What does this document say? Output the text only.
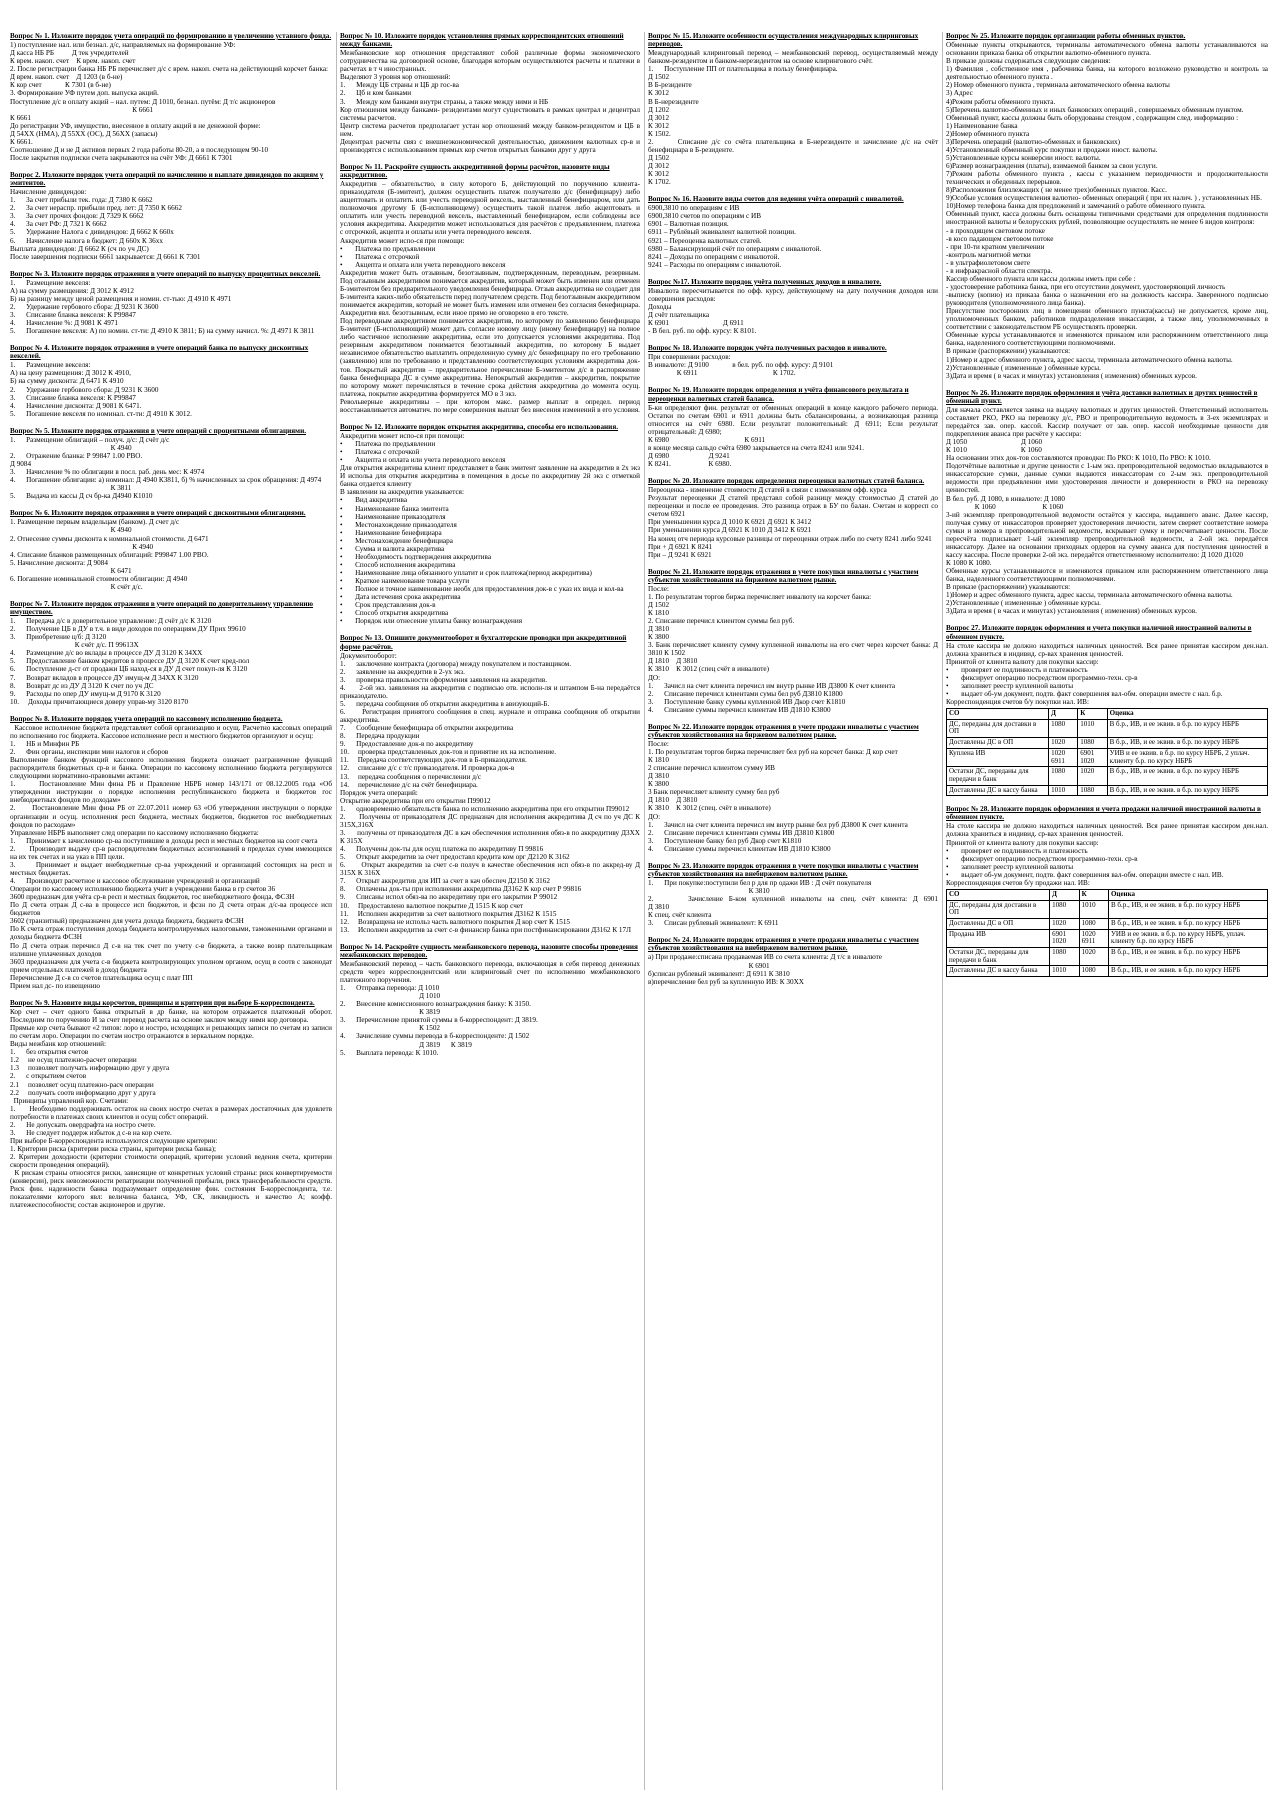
Вопрос № 1. Изложите порядок учета операций по формированию и увеличению уставного фонда.
1) поступление нал. или безнал. д/с, направляемых на формирование УФ:
Д касса НБ РБ          Д тек учредителей
К врем. накоп. счет    К врем. накоп. счет
2. После регистрации банка НБ РБ перечисляет д/с с врем. накоп. счета на действующий корсчет банка:
Д врем. накоп. счет    Д 1203 (в б-не)
К кор счет             К 7301 (в б-не)
3. Формирование УФ путем доп. выпуска акций.
Поступление д/с в оплату акций – нал. путем: Д 1010, безнал. путём: Д т/с акционеров
К 6661
К 6661
До регистрации УФ, имущество, внесенное в оплату акций в не денежной форме:
Д 54ХХ (НМА), Д 55ХХ (ОС), Д 56ХХ (запасы)
К 6661.
Соотношение Д и не Д активов первых 2 года работы 80-20, а в последующем 90-10
После закрытия подписки счета закрываются на счёт УФ: Д 6661 К 7301
Вопрос 2. Изложите порядок учета операций по начислению и выплате дивидендов по акциям у эмитентов.
Начисление дивидендов:
1.      За счет прибыли тек. года: Д 7380 К 6662
2.      За счет нераспр. прибыли пред. лет: Д 7350 К 6662
3.      За счет прочих фондов: Д 7329 К 6662
4.      За счет РФ: Д 7321 К 6662
5.      Удержание Налога с дивидендов: Д 6662 К 660х
6.      Начисление налога в бюджет: Д 660х К 36хх
Выплата дивидендов: Д 6662 К (сч по уч ДС)
После завершения подписки 6661 закрывается: Д 6661 К 7301
Вопрос № 3. Изложите порядок отражения в учете операций по выпуску процентных векселей.
1.      Размещение векселя:
А) на сумму размещения: Д 3012 К 4912
Б) на разницу между ценой размещения и номин. ст-тью: Д 4910 К 4971
2.      Удержание гербового сбора: Д 9231 К 3600
3.      Списание бланка векселя: К Р99847
4.      Начисление %: Д 9081 К 4971
5.      Погашение векселя: А) по номин. ст-ти: Д 4910 К 3811; Б) на сумму начисл. %: Д 4971 К 3811
Вопрос № 4. Изложите порядок отражения в учете операций банка по выпуску дисконтных векселей.
1.      Размещение векселя:
А) на цену размещения: Д 3012 К 4910,
Б) на сумму дисконта: Д 6471 К 4910
2.      Удержание гербового сбора: Д 9231 К 3600
3.      Списание бланка векселя: К Р99847
4.      Начисление дисконта: Д 9081 К 6471.
5.      Погашение векселя по номинал. ст-ти: Д 4910 К 3012.
Вопрос № 5. Изложите порядок отражения в учете операций с процентными облигациями.
1.      Размещение облигаций – получ. д/с: Д счёт д/с
К 4940
2.      Отражение бланка: Р 99847 1.00 РВО.
Д 9084
3.      Начисление % по облигации в посл. раб. день мес: К 4974
4.      Погашение облигации: а) номинал: Д 4940 К3811, б) % начисленных за срок обращения: Д 4974
К 3811
5.      Выдача из кассы Д сч бр-ка Д4940 К1010
Вопрос № 6. Изложите порядок отражения в учете операций с дисконтными облигациями.
1. Размещение первым владельцам (банком). Д счет д/с
К 4940
2. Отнесение суммы дисконта к номинальной стоимости. Д 6471
К 4940
4. Списание бланков размещенных облигаций: Р99847 1.00 РВО.
5. Начисление дисконта: Д 9084
К 6471
6. Погашение номинальной стоимости облигации: Д 4940
К счёт д/с.
Вопрос № 7. Изложите порядок отражения в учете операций по доверительному управлению имуществом.
1.      Передача д/с в доверительное управление: Д счёт д/с К 3120
2.      Получение ЦБ в ДУ в т.ч. в виде доходов по операциям ДУ Прих 99610
3.      Приобретение ц/б: Д 3120
К счёт д/с. П 99613Х
4.      Размещение д/с во вклады в процессе ДУ Д 3120 К 34ХХ
5.      Предоставление банком кредитов в процессе ДУ Д 3120 К счет кред-пол
6.      Поступление д-ст от продажи ЦБ наход-ся в ДУ Д счет покуп-ля К 3120
7.      Возврат вкладов в процессе ДУ имущ-м Д 34ХХ К 3120
8.      Возврат дс из ДУ Д 3120 К счет по уч ДС
9.      Расходы по опер ДУ имущ-м Д 9170 К 3120
10.     Доходы причитающиеся доверу управ-му 3120 8170
Вопрос № 8. Изложите порядок учета операций по кассовому исполнению бюджета.
Кассовое исполнение бюджета представляет собой организацию и осущ. Расчетно кассовых операций по исполнению гос бюджета. Кассовое исполнение респ и местного бюджетов организуют и осущ:
1.      НБ и Минфин РБ
2.      Фин органы, инспекции мин налогов и сборов
Выполнение банком функций кассового исполнения бюджета означает разграничение функций распорядителя бюджетных ср-в и банка. Операции по кассовому исполнению бюджета регулируются следующими нормативно-правовыми актами:
1.      Постановление Мин фина РБ и Правление НБРБ номер 143/171 от 08.12.2005 года «Об утверждении инструкции о порядке исполнения республиканского бюджета и бюджетов гос внебюджетных фондов по доходам»
2.      Постановление Мин фина РБ от 22.07.2011 номер 63 «Об утверждении инструкции о порядке организации и осущ. исполнения респ бюджета, местных бюджетов, бюджетов гос внебюджетных фондов по расходам»
Управление НБРБ выполняет след операции по кассовому исполнению бюджета:
1.      Принимает к зачислению ср-ва поступившие в доходы респ и местных бюджетов на соот счета
2.      Производит выдачу ср-в распорядителям бюджетных ассигнований в пределах сумм имеющихся на их тек счетах и на указ в ПП цели.
3.      Принимает и выдает внебюджетные ср-ва учреждений и организаций состоящих на респ и местных бюджетах.
4.      Производит расчетное и кассовое обслуживание учреждений и организаций
Операции по кассовому исполнению бюджета учит в учреждении банка в гр счетов 36
3600 предназнач для учёта ср-в респ и местных бюджетов, гос внебюджетного фонда, ФСЗН
По Д счета отраж Д с-ва в процессе исп бюджетов, и фсзн по Д счета отраж д/с-ва процессе исп бюджетов
3602 (транзитный) предназначен для учета дохода бюджета, бюджета ФСЗН
По К счета отраж поступления дохода бюджета контролируемых налоговыми, таможенными органами и доходы бюджета ФСЗН
По Д счета отраж перечисл Д с-в на тек счет по учету с-в бюджета, а также возвр плательщикам излишне уплаченных доходов
3603 предназначен для учета с-в бюджета контролирующих уполном органом, осущ в соотв с законодат прием отдельных платежей в доход бюджета
Перечисление Д с-в со счетов плательщика осущ с плат ПП
Прием нал дс- по извещению
Вопрос № 9. Назовите виды корсчетов, принципы и критерии при выборе Б-корреспондента.
Кор счет – счет одного банка открытый в др банке, на котором отражается платежный оборот. Последним по поручению И за счет перевод расчета на основе заключ между ними кор договора.
Прямые кор счета бывают «2 типов: лоро и ностро, исходящих и решающих записи по счетам из записи по счетам лоро. Операции по счетам ностро отражаются в зеркальном порядке.
Виды межбанк кор отношений:
1.      без открытия счетов
1.2     не осущ платежно-расчет операции
1.3     позволяет получать информацию друг у друга
2.      с открытием счетов
2.1     позволяет осущ платежно-расч операции
2.2     получать соотв информацию друг у друга
Принципы управлений кор. Счетами:
1.      Необходимо поддерживать остаток на своих ностро счетах в размерах достаточных для удовлетв потребности в платежах своих клиентов и осущ собст операций.
2.      Не допускать овердрафта на ностро счете.
3.      Не следует поддерж избыток д с-в на кор счете.
При выборе Б-корреспондента используются следующие критерии:
1. Критерии риска (критерии риска страны, критерии риска банка);
2. Критерии доходности (критерии стоимости операций, критерии условий ведения счета, критерии скорости проведения операций).
К рискам страны относятся риски, зависящие от конкретных условий страны: риск конвертируемости (конверсии), риск невозможности репатриации полученной прибыли, риск трансферабельности средств. Риск фин. надежности банка подразумевает определение фин. состояния Б-корреспондента, т.е. показателями которого явл: величина баланса, УФ, СК, ликвидность и качество А; коэфф. платежеспособности; состав акционеров и другие.
Вопрос № 10. Изложите порядок установления прямых корреспондентских отношений между банками.
Межбанковские кор отношения представляют собой различные формы экономического сотрудничества на договорной основе, благодаря которым осуществляются расчеты и платежи в расчетах в т ч иностранных.
Выделяют 3 уровня кор отношений:
1.      Между ЦБ страны и ЦБ др гос-ва
2.      Цб и ком банками
3.      Между ком банками внутри страны, а также между ними и НБ
Кор отношения между банками- резидентами могут существовать в рамках централ и децентрал системы расчетов.
Центр система расчетов предполагает устан кор отношений между банком-резидентом и ЦБ в нем.
Децентрал расчеты связ с внешнеэкономической деятельностью, движением валютных ср-в и производятся с использованием прямых кор счетов открытых банками друг у друга
Вопрос № 11. Раскройте сущность аккредитивной формы расчётов, назовите виды аккредитивов.
Аккредитив – обязательство, в силу которого Б, действующий по поручению клиента-приказодателя (Б-эмитент), должен осуществить платеж получателю д/с (бенефициару) либо акцептовать и оплатить или учесть переводной вексель, выставленный бенефициаром, или дать полномочия другому Б (Б-исполняющему) осуществить такой платеж либо акцептовать и оплатить или учесть переводной вексель, выставленный бенефициаром, если соблюдены все условия аккредитива. Аккредитив может использоваться для расчётов с предъявлением, платежа с отсрочкой, акцепта и оплаты или учета переводного векселя.
Аккредитив может испо-ся при помощи:
•       Платежа по предъявлении
•       Платежа с отсрочкой
•       Акцепта и оплата или учета переводного векселя
Аккредитив может быть отзывным, безотзывным, подтвержденным, переводным, резервным. Под отзывным аккредитивом понимается аккредитив, который может быть изменен или отменен Б-эмитентом без предварительного уведомления бенефициара. Отзыв аккредитива не создает для Б-эмитента каких-либо обязательств перед получателем средств. Под безотзывным аккредитивом понимается аккредитив, который не может быть изменен или отменен без согласия бенефициара. Аккредитив явл. безотзывным, если иное прямо не оговорено в его тексте.
Под переводным аккредитивом понимается аккредитив, по которому по заявлению бенефициара Б-эмитент (Б-исполняющий) может дать согласие новому лицу (иному бенефициару) на полное либо частичное исполнение аккредитива, если это допускается условиями аккредитива. Под резервным аккредитивом понимается безотзывный аккредитив, по которому Б выдает независимое обязательство выплатить определенную сумму д/с бенефициару по его требованию (заявлению) или по требованию и представлению соответствующих условиям аккредитива док-тов. Покрытый аккредитив – предварительное перечисление Б-эмитентом д/с в распоряжение банка бенефициара ДС в сумме аккредитива. Непокрытый аккредитив – аккредитив, покрытие по которому может перечисляться в течение срока действия аккредитива до момента осущ. платежа, покрытие аккредитива формируется МО в 3 экз.
Револьверные аккредитивы – при котором макс. размер выплат в определ. период восстанавливается автоматич. по мере совершения выплат без внесения изменений в его условия.
Вопрос № 12. Изложите порядок открытия аккредитива, способы его использования.
Аккредитив может испо-ся при помощи:
•       Платежа по предъявлении
•       Платежа с отсрочкой
•       Акцепта и оплата или учета переводного векселя
Для открытия аккредитива клиент представляет в банк эмитент заявление на аккредитив в 2х экз И испольа для открытия аккредитива в помещения в досье по аккредитиву 2й экз с отметкой банка отдается клиенту
В заявлении на аккредитив указывается:
•       Вид аккредитива
•       Наименование банка эмитента
•       Наименование приказодателя
•       Местонахождение приказодателя
•       Наименование бенефициара
•       Местонахождение бенефициара
•       Сумма и валюта аккредитива
•       Необходимость подтверждения аккредитива
•       Способ исполнения аккредитива
•       Наименование лица обязанного уплатит и срок платежа(период аккредитива)
•       Краткое наименование товара услуги
•       Полное и точное наименование необх для предоставления док-в с указ их вида и кол-ва
•       Дата истечения срока аккредитива
•       Срок представления док-в
•       Способ открытия аккредитива
•       Порядок или отнесение уплаты банку вознаграждения
Вопрос № 13. Опишите документооборот и бухгалтерские проводки при аккредитивной форме расчётов.
Документооборот:
1.      заключение контракта (договора) между покупателем и поставщиком.
2.      заявление на аккредитив в 2-ух экз.
3.      проверка правильности оформления заявления на аккредитив.
4.      2-ой экз. заявления на аккредитив с подписью отв. исполн-ля и штампом Б-на передаётся приказодателю.
5.      передача сообщения об открытии аккредитива в авизующий-Б.
6.      Регистрация принятого сообщения в спец. журнале и отправка сообщения об открытии аккредитива.
7.      Сообщение бенефициара об открытии аккредитива
8.      Передача продукции
9.      Предоставление док-в по аккредитиву
10.     проверка представленных док-тов и принятие их на исполнение.
11.     Передача соответствующих док-тов в Б-приказодателя.
12.     списание д/с с т/с приказодателя. И проверка док-в
13.     передача сообщения о перечислении д/с
14.     перечисление д/с на счёт бенефициара.
Порядок учета операций:
Открытие аккредитива при его открытии П99012
1.      одновременно обязательств банка по исполнению аккредитива при его открытии П99012
2.      Получены от приказодателя ДС предназнач для исполнения аккредитива Д сч по уч ДС К 315Х,316Х
3.      получены от приказодателя ДС в кач обеспечения исполнения обяз-в по аккредитиву Д3ХХ К 315Х
4.      Получены док-ты для осущ платежа по аккредитиву П 99816
5.      Открыт аккредитив за счет предоставл кредита ком орг Д2120 К 3162
6.      Открыт аккредитив за счет с-в получ в качестве обеспечения исп обяз-в по аккред-ву Д 315Х К 316Х
7.      Открыт аккредитив для ИП за счет в кач обеспеч Д2150 К 3162
8.      Оплачены док-ты при исполнении аккредитива Д3162 К кор счет Р 99816
9.      Списаны испол обяз-ва по аккредитиву при его закрытии Р 99012
10.     Предоставлено валютное покрытие Д 1515 К кор счет
11.     Исполнен аккредитив за счет валютного покрытия Д3162 К 1515
12.     Возвращена не использ часть валютного покрытия Д кор счет К 1515
13.     Исполнен аккредитив за счет с-в финансир банка при постфинансировании Д3162 К 17Л
Вопрос № 14. Раскройте сущность межбанковского перевода, назовите способы проведения межбанковских переводов.
Межбанковский перевод – часть банковского перевода, включающая в себя перевод денежных средств через корреспондентский или клиринговый счет по исполнению межбанковского платежного поручения.
1.      Отправка перевода: Д 1010
Д 1010
2.      Внесение комиссионного вознаграждения банку: К 3150.
К 3819
3.      Перечисление принятой суммы в б-корреспондент: Д 3819.
К 1502
4.      Зачисление суммы перевода в б-корреспонденте: Д 1502
Д 3819      К 3819
5.      Выплата перевода: К 1010.
Вопрос № 15. Изложите особенности осуществления международных клиринговых переводов.
Международный клиринговый перевод – межбанковский перевод, осуществляемый между банком-резидентом и банком-нерезидентом на основе клирингового счёт.
1.      Поступление ПП от плательщика в пользу бенефициара.
Д 1502
В Б-резиденте
К 3012
В Б-нерезиденте
Д 1202
Д 3012
К 3012
К 1502.
2.      Списание д/с со счёта плательщика в Б-нерезиденте и зачисление д/с на счёт бенефициара в Б-резиденте.
Д 1502
Д 3012
К 3012
К 1702.
Вопрос № 16. Назовите виды счетов для ведения учёта операций с инвалютой.
6900,3810 по операциям с ИВ
6900,3810 счетов по операциям с ИВ
6901 – Валютная позиция.
6911 – Рублёвый эквивалент валютной позиции.
6921 – Переоценка валютных статей.
6980 – Балансирующий счёт по операциям с инвалютой.
8241 – Доходы по операциям с инвалютой.
9241 – Расходы по операциям с инвалютой.
Вопрос №17. Изложите порядок учёта полученных доходов в инвалюте.
Инвалюта пересчитывается по офф. курсу, действующему на дату получения доходов или совершения расходов:
Доходы
Д счёт плательщика
К 6901                              Д 6911
- В бел. руб. по офф. курсу: К 8101.
Вопрос № 18. Изложите порядок учёта полученных расходов в инвалюте.
При совершении расходов:
В инвалюте: Д 9100             в бел. руб. по офф. курсу: Д 9101
К 6911                                          К 1702.
Вопрос № 19. Изложите порядок определения и учёта финансового результата и переоценки валютных статей баланса.
Б-ки определяют фин. результат от обменных операций в конце каждого рабочего периода. Остатки по счетам 6901 и 6911 должны быть сбалансированы, а возникающая разница относится на счёт 6980. Если результат положительный: Д 6911; Если результат отрицательный: Д 6980;
К 6980                                          К 6911
в конце месяца сальдо счёта 6980 закрывается на счета 8241 или 9241.
Д 6980                      Д 9241
К 8241.                     К 6980.
Вопрос № 20. Изложите порядок определения переоценки валютных статей баланса.
Переоценка - изменение стоимости Д статей в связи с изменением офф. курса
Результат переоценки Д статей представл собой разницу между стоимостью Д статей до переоценки и после ее проведения. Это разница отраж в БУ по балан. Счетам и корресп со счетом 6921
При уменьшении курса Д 1010 К 6921 Д 6921 К 3412
При уменьшении курса Д 6921 К 1010 Д 3412 К 6921
На конец отч периода курсовые разницы от переоценки отраж либо по счету 8241 либо 9241
При + Д 6921 К 8241
При – Д 9241 К 6921
Вопрос № 21. Изложите порядок отражения в учете покупки инвалюты с участием субъектов хозяйствования на биржевом валютном рынке.
После:
1. По результатам торгов биржа перечисляет инвалюту на корсчет банка:
Д 1502
К 1810
2. Списание перечисл клиентом суммы бел руб.
Д 3810
К 3800
3. Банк перечисляет клиенту сумму купленной инвалюты на его счет через корсчет банка: Д 3810 К 1502
Д 1810    Д 3810
К 3810    К 3012 (спец счёт в инвалюте)
ДО:
1.      Зачисл на счет клиента перечисл им внутр рынке ИВ Д3800 К счет клиента
2.      Списание перечисл клиентами сумы бел руб Д3810 К1800
3.      Поступление банку суммы купленной ИВ Дкор счет К1810
4.      Списание суммы перечисл клиентам ИВ Д1810 К3800
Вопрос № 22. Изложите порядок отражения в учете продажи инвалюты с участием субъектов хозяйствования на биржевом валютном рынке.
После:
1. По результатам торгов биржа перечисляет бел руб на корсчет банка: Д кор счет
К 1810
2 списание перечисл клиентом сумму ИВ
Д 3810
К 3800
3 Банк перечисляет клиенту сумму бел руб
Д 1810    Д 3810
К 3810    К 3012 (спец. счёт в инвалюте)
ДО:
1.      Зачисл на счет клиента перечисл им внутр рынке бел руб Д3800 К счет клиента
2.      Списание перечисл клиентами суммы ИВ Д3810 К1800
3.      Поступление банку бел руб Дкор счет К1810
4.      Списание суммы перечисл клиентам ИВ Д1810 К3800
Вопрос № 23. Изложите порядок отражения в учете покупки инвалюты с участием субъектов хозяйствования на внебиржевом валютном рынке.
1.      При покупке:поступили бел р для пр одажи ИВ : Д счёт покупателя
К 3810
2.      Зачисление Б-ком купленной инвалюты на спец. счёт клиента: Д 6901                                  Д 3810
К спец. счёт клиента
3.      Списан рублевый эквивалент: К 6911
Вопрос № 24. Изложите порядок отражения в учете продажи инвалюты с участием субъектов хозяйствования на внебиржевом валютном рынке.
а) При продаже:списана продаваемая ИВ со счета клиента: Д т/с в инвалюте
К 6901
б)списан рублевый эквивалент: Д 6911 К 3810
в)перечисление бел руб за купленную ИВ: К 30ХХ
Вопрос № 25. Изложите порядок организации работы обменных пунктов.
Обменные пункты открываются, терминалы автоматического обмена валюты устанавливаются на основании приказа банка об открытии валютно-обменного пункта.
В приказе должны содержаться следующие сведения:
1) Фамилия , собственное имя , рабочника банка, на которого возложено руководство и контроль за деятельностью обменного пункта .
2) Номер обменного пункта , терминала автоматического обмена валюты
3) Адрес
4)Режим работы обменного пункта.
5)Перечень валютно-обменных и иных банковских операций , совершаемых обменным пунктом.
Обменный пункт, кассы должны быть оборудованы стендом , содержащим след. информацию :
1) Наименование банка
2)Номер обменного пункта
3)Перечень операций (валютно-обменных и банковских)
4)Установленный обменный курс покупки и продажи иност. валюты.
5)Установленные курсы конверсии иност. валюты.
6)Размер вознаграждения (платы), взимаемой банком за свои услуги.
7)Режим работы обменного пункта , кассы с указанием периодичности и продолжительности технических и обеденных перерывов.
8)Расположения близлежащих ( не менее трех)обменных пунктов. Касс.
9)Особые условия осуществления валютно- обменных операций ( при их налич. ) , установленных НБ.
10)Номер телефона банка для предложений и замечаний о работе обменного пункта.
Обменный пункт, касса должны быть оснащены типичными средствами для определения подлинности иностранной валюты и белорусских рублей, позволяющие осуществлять не менее 6 видов контроля:
- в проходящем световом потоке
-в косо падающем световом потоке
- при 10-ти кратном увеличении
-контроль магнитной метки
- в ультрафиолетовом свете
- в инфракрасной области спектра.
Кассир обменного пункта или кассы должны иметь при себе :
- удостоверение работника банка, при его отсутствии документ, удостоверяющий личность
-выписку (копию) из приказа банка о назначении его на должность кассира. Заверенного подписью руководителя (уполномоченного лица банка).
Присутствие посторонних лиц в помещении обменного пункта(кассы) не допускается, кроме лиц, уполномоченных банком, работников подразделения инкассации, а также лиц, уполномоченных в соответствии с законодательством РБ осуществлять проверки.
Обменные курсы устанавливаются и изменяются приказом или распоряжением ответственного лица банка, наделенного соответствующими полномочиями.
В приказе (распоряжении) указываются:
1)Номер и адрес обменного пункта, адрес кассы, терминала автоматического обмена валюты.
2)Установленные ( измененные ) обменные курсы.
3)Дата и время ( в часах и минутах) установления ( изменения) обменных курсов.
Вопрос № 26. Изложите порядок оформления и учёта доставки валютных и других ценностей в обменный пункт.
Для начала составляется заявка на выдачу валютных и других ценностей. Ответственный исполнитель составляет РКО, РКО на перевозку д/с, РВО и препроводительную ведомость в 3-ех экземплярах и передаётся зав. опер. кассой. Кассир получает от зав. опер. кассой необходимые ценности для подкрепления аванса при расчёте у кассира:
Д 1050                              Д 1060
К 1010                              К 1060
На основании этих док-тов составляются проводки: По РКО: К 1010, По РВО: К 1010.
Подотчётные валютные и другие ценности с 1-ым экз. препроводительной ведомостью вкладываются в инкассаторские сумки, данные сумки выдаются инкассаторам со 2-ым экз. препроводительной ведомости при предъявлении ими удостоверения личности и доверенности в РКО на перевозку ценностей.
В бел. руб. Д 1080, в инвалюте: Д 1080
К 1060                          К 1060
3-ий экземпляр препроводительной ведомости остаётся у кассира, выдавшего аванс. Далее кассир, получая сумку от инкассаторов проверяет удостоверения личности, затем сверяет соответствие номера сумки и номера в препроводительной ведомости, вскрывает сумку и пересчитывает ценности. После пересчёта подписывает 1-ый экземпляр препроводительной ведомости, а 2-ой экз. передаётся инкассатору. Далее на основании приходных ордеров на сумму аванса для поступления ценностей в кассу кассира. После проверки 2-ой экз. передаётся ответственному исполнителю: Д 1020 Д1020
К 1080 К 1080.
Обменные курсы устанавливаются и изменяются приказом или распоряжением ответственного лица банка, наделенного соответствующими полномочиями.
В приказе (распоряжении) указываются:
1)Номер и адрес обменного пункта, адрес кассы, терминала автоматического обмена валюты.
2)Установленные ( измененные ) обменные курсы.
3)Дата и время ( в часах и минутах) установления ( изменения) обменных курсов.
Вопрос 27. Изложите порядок оформления и учета покупки наличной иностранной валюты в обменном пункте.
На столе кассира не должно находиться наличных ценностей. Вся ранее принятая кассиром ден.нал. должна храниться в индивид. ср-вах хранения ценностей.
Принятой от клиента валюту для покупки кассир:
•       проверяет ее подлинность и платежность
•       фиксирует операцию посредством программно-техн. ср-в
•       заполняет реестр купленной валюты
•       выдает об-ум документ, подтв. факт совершения вал-обм. операции вместе с нал. б.р.
Корреспонденция счетов б/у покупки нал. ИВ:
СО	Д	К	Оценка
ДС, переданы для доставки в ОП	1080	1010	В б.р., ИВ, и ее эквив. в б.р. по курсу НБРБ
Доставлены ДС в ОП	1020	1080	В б.р., ИВ, и ее эквив. в б.р. по курсу НБРБ
Куплена ИВ	1020 6911	6901 1020	УИВ и ее эквив. в б.р. по курсу НБРБ, 2 уплач. клиенту б.р. по курсу НБРБ
Остатки ДС, переданы для передачи в банк	1080	1020	В б.р., ИВ, и ее эквив. в б.р. по курсу НБРБ
Доставлены ДС в кассу банка	1010	1080	В б.р., ИВ, и ее эквив. в б.р. по курсу НБРБ
Вопрос № 28. Изложите порядок оформления и учета продажи наличной иностранной валюты в обменном пункте.
На столе кассира не должно находиться наличных ценностей. Вся ранее принятая кассиром ден.нал. должна храниться в индивид. ср-вах хранения ценностей.
Принятой от клиента валюту для покупки кассир:
•       проверяет ее подлинность и платежность
•       фиксирует операцию посредством программно-техн. ср-в
•       заполняет реестр купленной валюты
•       выдает об-ум документ, подтв. факт совершения вал-обм. операции вместе с нал. ИВ.
Корреспонденция счетов б/у продажи нал. ИВ:
СО	Д	К	Оценка
ДС, переданы для доставки в ОП	1080	1010	В б.р., ИВ, и ее эквив. в б.р. по курсу НБРБ
Доставлены ДС в ОП	1020	1080	В б.р., ИВ, и ее эквив. в б.р. по курсу НБРБ
Продана ИВ	6901 1020	1020 6911	УИВ и ее эквив. в б.р. по курсу НБРБ, уплач. клиенту б.р. по курсу НБРБ
Остатки ДС, переданы для передачи в банк	1080	1020	В б.р., ИВ, и ее эквив. в б.р. по курсу НБРБ
Доставлены ДС в кассу банка	1010	1080	В б.р., ИВ, и ее эквив. в б.р. по курсу НБРБ
